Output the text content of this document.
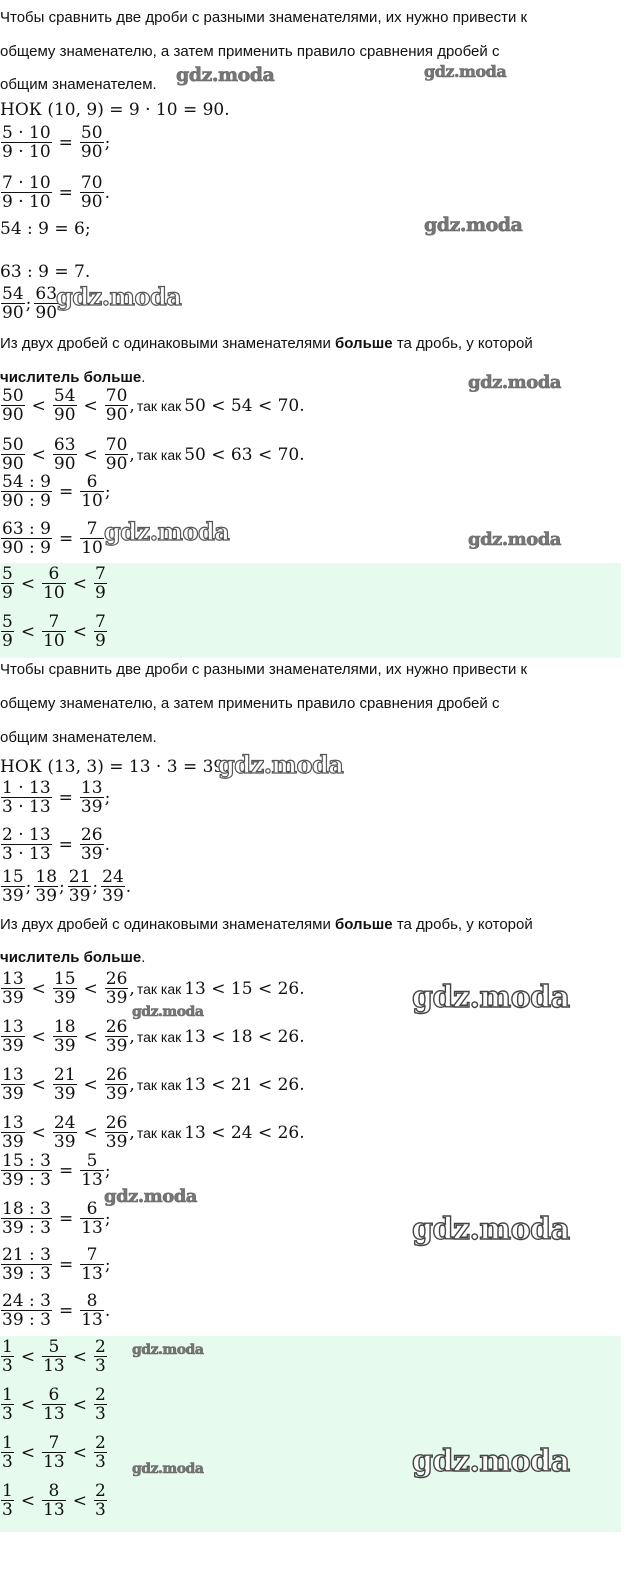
Чтобы сравнить две дроби с разными знаменателями, их нужно привести к
общему знаменателю, а затем применить правило сравнения дробей с
общим знаменателем.
НОК (10, 9) = 9 · 10 = 90.
$\frac{5 \cdot 10}{9 \cdot 10} = \frac{50}{90}$ ;
$\frac{7 \cdot 10}{9 \cdot 10} = \frac{70}{90}$ .
54 : 9 = 6;
63 : 9 = 7.
$\frac{54}{90}$ ; $\frac{63}{90}$
Из двух дробей с одинаковыми знаменателями больше та дробь, у которой
числитель больше.
$\frac{50}{90} < \frac{54}{90} < \frac{70}{90}$ , так как 50 < 54 < 70.
$\frac{50}{90} < \frac{63}{90} < \frac{70}{90}$ , так как 50 < 63 < 70.
$\frac{54 : 9}{90 : 9} = \frac{6}{10}$ ;
$\frac{63 : 9}{90 : 9} = \frac{7}{10}$
$\frac{5}{9} < \frac{6}{10} < \frac{7}{9}$
$\frac{5}{9} < \frac{7}{10} < \frac{7}{9}$
Чтобы сравнить две дроби с разными знаменателями, их нужно привести к
общему знаменателю, а затем применить правило сравнения дробей с
общим знаменателем.
НОК (13, 3) = 13 · 3 = 39.
$\frac{1 \cdot 13}{3 \cdot 13} = \frac{13}{39}$ ;
$\frac{2 \cdot 13}{3 \cdot 13} = \frac{26}{39}$ .
$\frac{15}{39}$ ; $\frac{18}{39}$ ; $\frac{21}{39}$ ; $\frac{24}{39}$ .
Из двух дробей с одинаковыми знаменателями больше та дробь, у которой
числитель больше.
$\frac{13}{39} < \frac{15}{39} < \frac{26}{39}$ , так как 13 < 15 < 26.
$\frac{13}{39} < \frac{18}{39} < \frac{26}{39}$ , так как 13 < 18 < 26.
$\frac{13}{39} < \frac{21}{39} < \frac{26}{39}$ , так как 13 < 21 < 26.
$\frac{13}{39} < \frac{24}{39} < \frac{26}{39}$ , так как 13 < 24 < 26.
$\frac{15 : 3}{39 : 3} = \frac{5}{13}$ ;
$\frac{18 : 3}{39 : 3} = \frac{6}{13}$ ;
$\frac{21 : 3}{39 : 3} = \frac{7}{13}$ ;
$\frac{24 : 3}{39 : 3} = \frac{8}{13}$ .
$\frac{1}{3} < \frac{5}{13} < \frac{2}{3}$
$\frac{1}{3} < \frac{6}{13} < \frac{2}{3}$
$\frac{1}{3} < \frac{7}{13} < \frac{2}{3}$
$\frac{1}{3} < \frac{8}{13} < \frac{2}{3}$
gdz.moda	gdz.moda
gdz.moda
gdz.moda
gdz.moda
gdz.moda	gdz.moda
gdz.moda
gdz.moda
gdz.moda
gdz.moda
gdz.moda
gdz.moda
gdz.moda
gdz.moda
